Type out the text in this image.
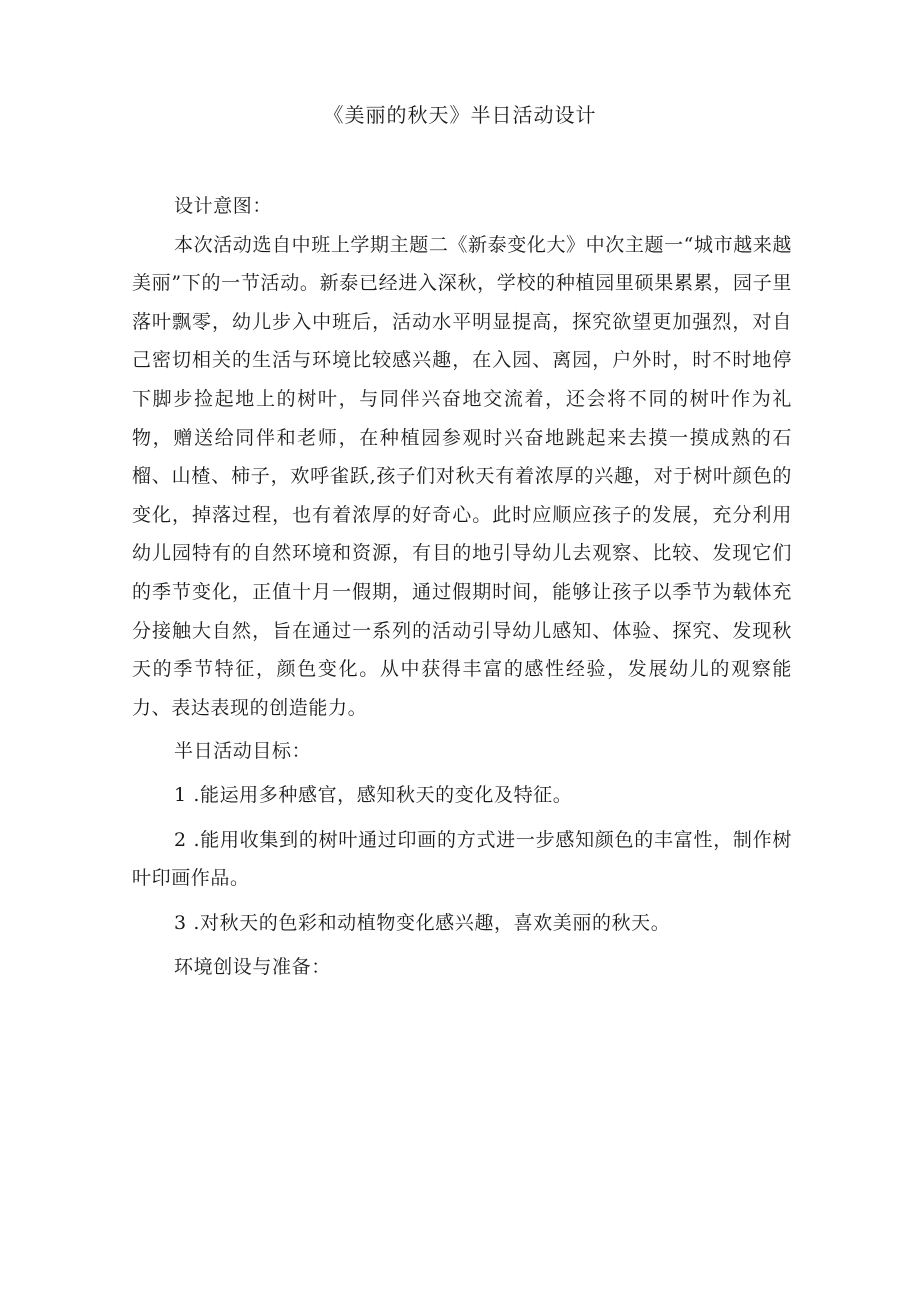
《美丽的秋天》半日活动设计

设计意图：

本次活动选自中班上学期主题二《新泰变化大》中次主题一“城市越来越美丽”下的一节活动。新泰已经进入深秋，学校的种植园里硕果累累，园子里落叶飘零，幼儿步入中班后，活动水平明显提高，探究欲望更加强烈，对自己密切相关的生活与环境比较感兴趣，在入园、离园，户外时，时不时地停下脚步捡起地上的树叶，与同伴兴奋地交流着，还会将不同的树叶作为礼物，赠送给同伴和老师，在种植园参观时兴奋地跳起来去摸一摸成熟的石榴、山楂、柿子，欢呼雀跃,孩子们对秋天有着浓厚的兴趣，对于树叶颜色的变化，掉落过程，也有着浓厚的好奇心。此时应顺应孩子的发展，充分利用幼儿园特有的自然环境和资源，有目的地引导幼儿去观察、比较、发现它们的季节变化，正值十月一假期，通过假期时间，能够让孩子以季节为载体充分接触大自然，旨在通过一系列的活动引导幼儿感知、体验、探究、发现秋天的季节特征，颜色变化。从中获得丰富的感性经验，发展幼儿的观察能力、表达表现的创造能力。

半日活动目标：

1 .能运用多种感官，感知秋天的变化及特征。

2 .能用收集到的树叶通过印画的方式进一步感知颜色的丰富性，制作树叶印画作品。

3 .对秋天的色彩和动植物变化感兴趣，喜欢美丽的秋天。

环境创设与准备：
